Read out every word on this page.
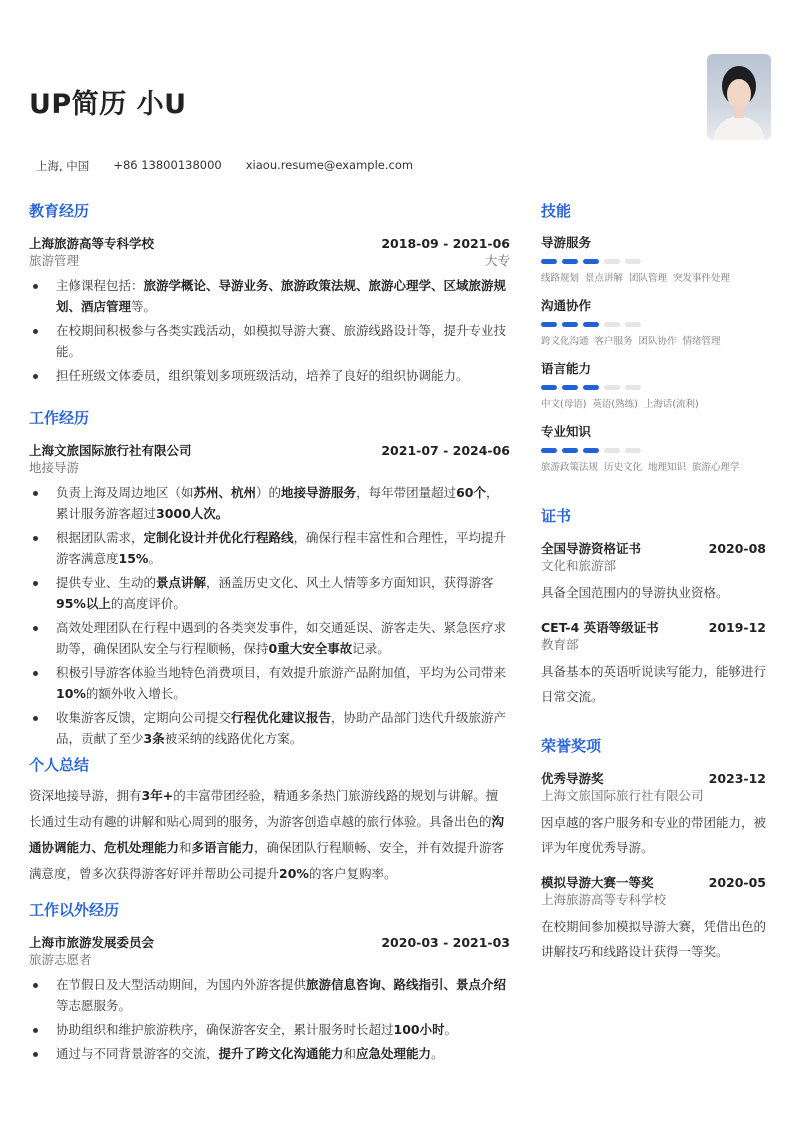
UP简历 小U
上海, 中国 +86 13800138000 xiaou.resume@example.com
教育经历
上海旅游高等专科学校	2018-09 - 2021-06
旅游管理	大专
主修课程包括：旅游学概论、导游业务、旅游政策法规、旅游心理学、区域旅游规划、酒店管理等。
在校期间积极参与各类实践活动，如模拟导游大赛、旅游线路设计等，提升专业技能。
担任班级文体委员，组织策划多项班级活动，培养了良好的组织协调能力。
工作经历
上海文旅国际旅行社有限公司	2021-07 - 2024-06
地接导游
负责上海及周边地区（如苏州、杭州）的地接导游服务，每年带团量超过60个，累计服务游客超过3000人次。
根据团队需求，定制化设计并优化行程路线，确保行程丰富性和合理性，平均提升游客满意度15%。
提供专业、生动的景点讲解，涵盖历史文化、风土人情等多方面知识，获得游客95%以上的高度评价。
高效处理团队在行程中遇到的各类突发事件，如交通延误、游客走失、紧急医疗求助等，确保团队安全与行程顺畅，保持0重大安全事故记录。
积极引导游客体验当地特色消费项目，有效提升旅游产品附加值，平均为公司带来10%的额外收入增长。
收集游客反馈，定期向公司提交行程优化建议报告，协助产品部门迭代升级旅游产品，贡献了至少3条被采纳的线路优化方案。
个人总结
资深地接导游，拥有3年+的丰富带团经验，精通多条热门旅游线路的规划与讲解。擅长通过生动有趣的讲解和贴心周到的服务，为游客创造卓越的旅行体验。具备出色的沟通协调能力、危机处理能力和多语言能力，确保团队行程顺畅、安全，并有效提升游客满意度，曾多次获得游客好评并帮助公司提升20%的客户复购率。
工作以外经历
上海市旅游发展委员会	2020-03 - 2021-03
旅游志愿者
在节假日及大型活动期间，为国内外游客提供旅游信息咨询、路线指引、景点介绍等志愿服务。
协助组织和维护旅游秩序，确保游客安全，累计服务时长超过100小时。
通过与不同背景游客的交流，提升了跨文化沟通能力和应急处理能力。
技能
导游服务
线路规划 景点讲解 团队管理 突发事件处理
沟通协作
跨文化沟通 客户服务 团队协作 情绪管理
语言能力
中文(母语) 英语(熟练) 上海话(流利)
专业知识
旅游政策法规 历史文化 地理知识 旅游心理学
证书
全国导游资格证书	2020-08
文化和旅游部
具备全国范围内的导游执业资格。
CET-4 英语等级证书	2019-12
教育部
具备基本的英语听说读写能力，能够进行日常交流。
荣誉奖项
优秀导游奖	2023-12
上海文旅国际旅行社有限公司
因卓越的客户服务和专业的带团能力，被评为年度优秀导游。
模拟导游大赛一等奖	2020-05
上海旅游高等专科学校
在校期间参加模拟导游大赛，凭借出色的讲解技巧和线路设计获得一等奖。
